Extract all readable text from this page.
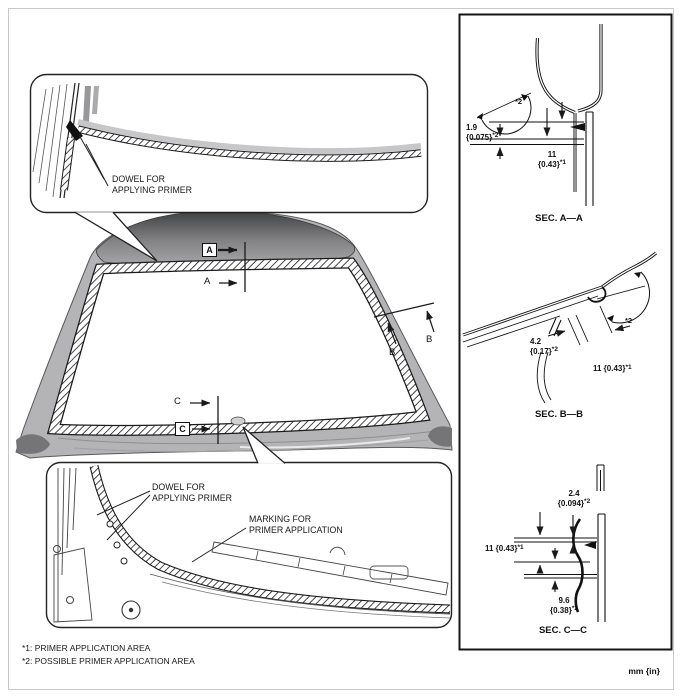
DOWEL FOR
APPLYING PRIMER
A
A
B
B
C
C
DOWEL FOR
APPLYING PRIMER
MARKING FOR
PRIMER APPLICATION
1.9
$\{0.075\}^{*2}$
11
$\{0.43\}^{*1}$
*2
SEC. A—A
4.2
$\{0.17\}^{*2}$
11 $\{0.43\}^{*1}$
*2
SEC. B—B
2.4
$\{0.094\}^{*2}$
11 $\{0.43\}^{*1}$
9.6
$\{0.38\}^{*2}$
SEC. C—C
*1: PRIMER APPLICATION AREA
*2: POSSIBLE PRIMER APPLICATION AREA
mm {in}
